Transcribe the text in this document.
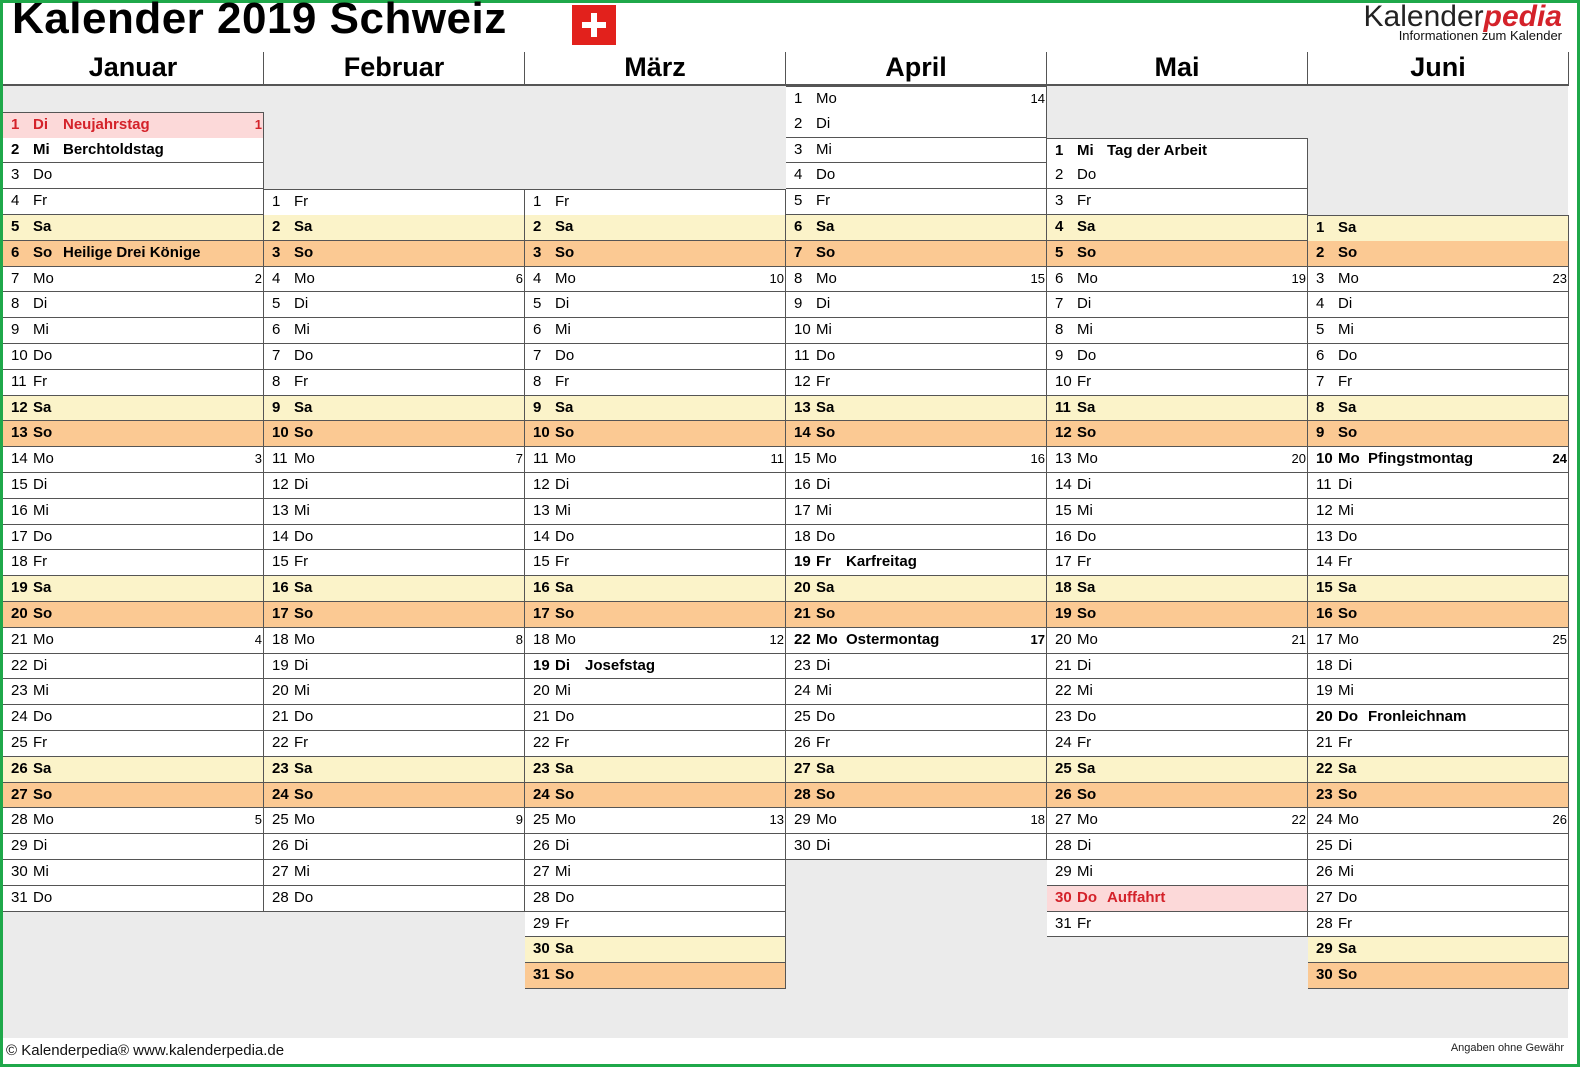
Kalender 2019 Schweiz	Kalenderpedia
Informationen zum Kalender
Januar
1 Di Neujahrstag	1
2 Mi Berchtoldstag
3 Do
4 Fr
5 Sa
6 So Heilige Drei Könige
7 Mo	2
8 Di
9 Mi
10 Do
11 Fr
12 Sa
13 So
14 Mo	3
15 Di
16 Mi
17 Do
18 Fr
19 Sa
20 So
21 Mo	4
22 Di
23 Mi
24 Do
25 Fr
26 Sa
27 So
28 Mo	5
29 Di
30 Mi
31 Do
Februar
1 Fr
2 Sa
3 So
4 Mo	6
5 Di
6 Mi
7 Do
8 Fr
9 Sa
10 So
11 Mo	7
12 Di
13 Mi
14 Do
15 Fr
16 Sa
17 So
18 Mo	8
19 Di
20 Mi
21 Do
22 Fr
23 Sa
24 So
25 Mo	9
26 Di
27 Mi
28 Do
März
1 Fr
2 Sa
3 So
4 Mo	10
5 Di
6 Mi
7 Do
8 Fr
9 Sa
10 So
11 Mo	11
12 Di
13 Mi
14 Do
15 Fr
16 Sa
17 So
18 Mo	12
19 Di Josefstag
20 Mi
21 Do
22 Fr
23 Sa
24 So
25 Mo	13
26 Di
27 Mi
28 Do
29 Fr
30 Sa
31 So
April
1 Mo	14
2 Di
3 Mi
4 Do
5 Fr
6 Sa
7 So
8 Mo	15
9 Di
10 Mi
11 Do
12 Fr
13 Sa
14 So
15 Mo	16
16 Di
17 Mi
18 Do
19 Fr Karfreitag
20 Sa
21 So
22 Mo Ostermontag	17
23 Di
24 Mi
25 Do
26 Fr
27 Sa
28 So
29 Mo	18
30 Di
Mai
1 Mi Tag der Arbeit
2 Do
3 Fr
4 Sa
5 So
6 Mo	19
7 Di
8 Mi
9 Do
10 Fr
11 Sa
12 So
13 Mo	20
14 Di
15 Mi
16 Do
17 Fr
18 Sa
19 So
20 Mo	21
21 Di
22 Mi
23 Do
24 Fr
25 Sa
26 So
27 Mo	22
28 Di
29 Mi
30 Do Auffahrt
31 Fr
Juni
1 Sa
2 So
3 Mo	23
4 Di
5 Mi
6 Do
7 Fr
8 Sa
9 So
10 Mo Pfingstmontag	24
11 Di
12 Mi
13 Do
14 Fr
15 Sa
16 So
17 Mo	25
18 Di
19 Mi
20 Do Fronleichnam
21 Fr
22 Sa
23 So
24 Mo	26
25 Di
26 Mi
27 Do
28 Fr
29 Sa
30 So
© Kalenderpedia® www.kalenderpedia.de	Angaben ohne Gewähr
